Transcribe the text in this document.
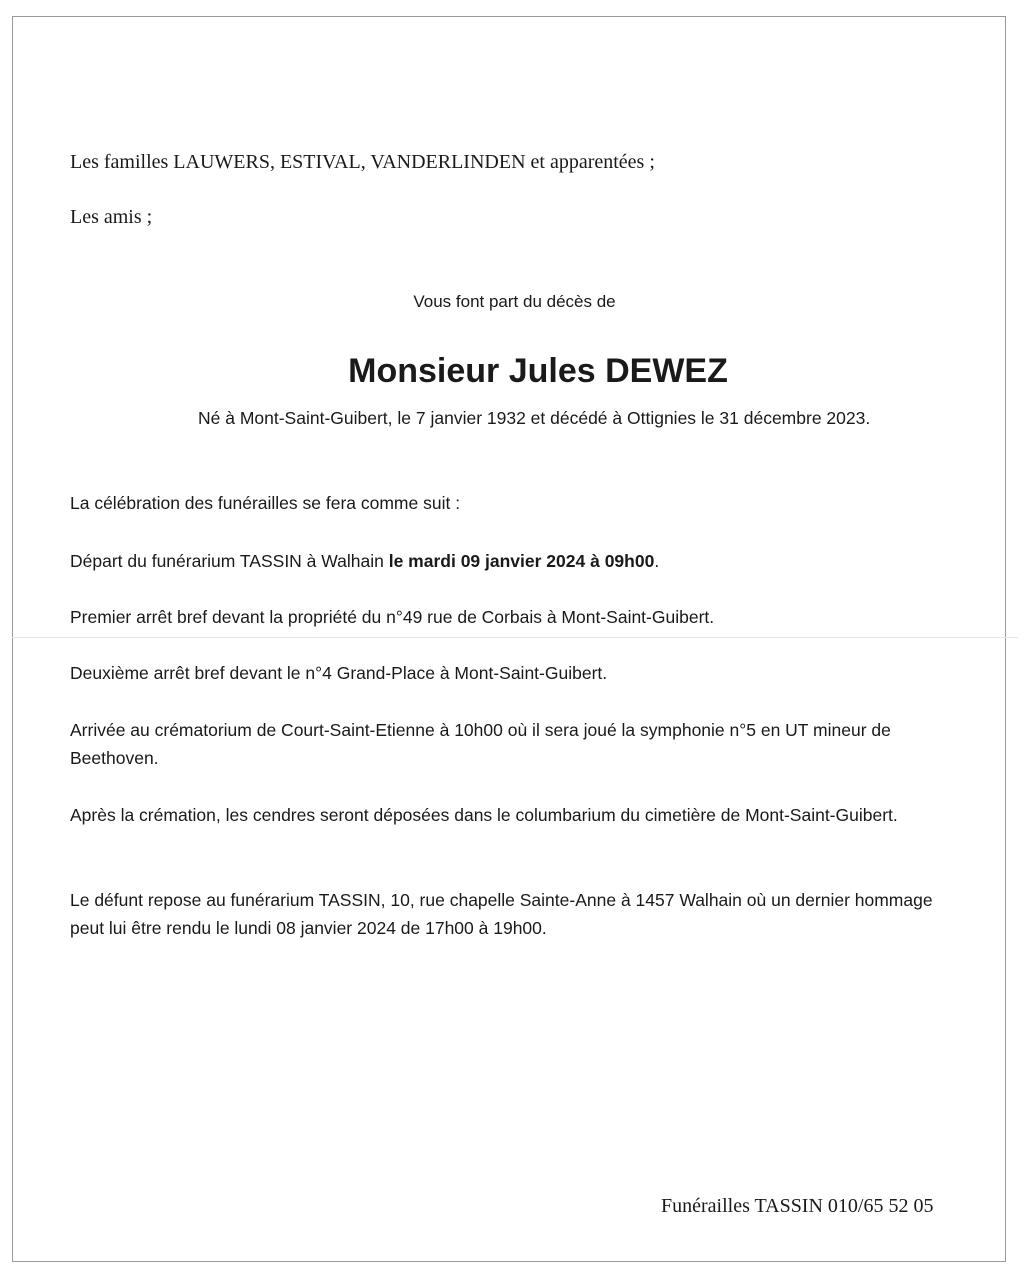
Les familles LAUWERS, ESTIVAL, VANDERLINDEN et apparentées ;
Les amis ;
Vous font part du décès de
Monsieur Jules DEWEZ
Né à Mont-Saint-Guibert, le 7 janvier 1932 et décédé à Ottignies le 31 décembre 2023.
La célébration des funérailles se fera comme suit :
Départ du funérarium TASSIN à Walhain le mardi 09 janvier 2024 à 09h00.
Premier arrêt bref devant la propriété du n°49 rue de Corbais à Mont-Saint-Guibert.
Deuxième arrêt bref devant le n°4 Grand-Place à Mont-Saint-Guibert.
Arrivée au crématorium de Court-Saint-Etienne à 10h00 où il sera joué la symphonie n°5 en UT mineur de Beethoven.
Après la crémation, les cendres seront déposées dans le columbarium du cimetière de Mont-Saint-Guibert.
Le défunt repose au funérarium TASSIN, 10, rue chapelle Sainte-Anne à 1457 Walhain où un dernier hommage peut lui être rendu le lundi 08 janvier 2024 de 17h00 à 19h00.
Funérailles TASSIN 010/65 52 05
